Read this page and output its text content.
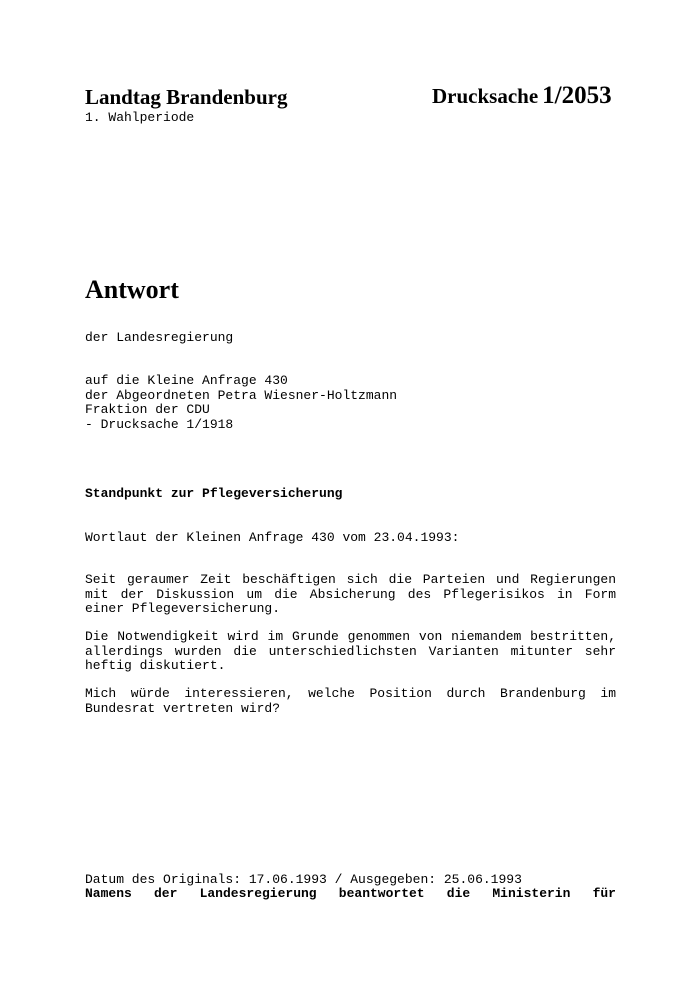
Landtag Brandenburg
1. Wahlperiode
Drucksache 1/2053
Antwort
der Landesregierung
auf die Kleine Anfrage 430
der Abgeordneten Petra Wiesner-Holtzmann
Fraktion der CDU
- Drucksache 1/1918
Standpunkt zur Pflegeversicherung
Wortlaut der Kleinen Anfrage 430 vom 23.04.1993:
Seit geraumer Zeit beschäftigen sich die Parteien und Regierungen mit der Diskussion um die Absicherung des Pflegerisikos in Form einer Pflegeversicherung.
Die Notwendigkeit wird im Grunde genommen von niemandem bestritten, allerdings wurden die unterschiedlichsten Varianten mitunter sehr heftig diskutiert.
Mich würde interessieren, welche Position durch Brandenburg im Bundesrat vertreten wird?
Datum des Originals: 17.06.1993 / Ausgegeben: 25.06.1993
Namens der Landesregierung beantwortet die Ministerin für
